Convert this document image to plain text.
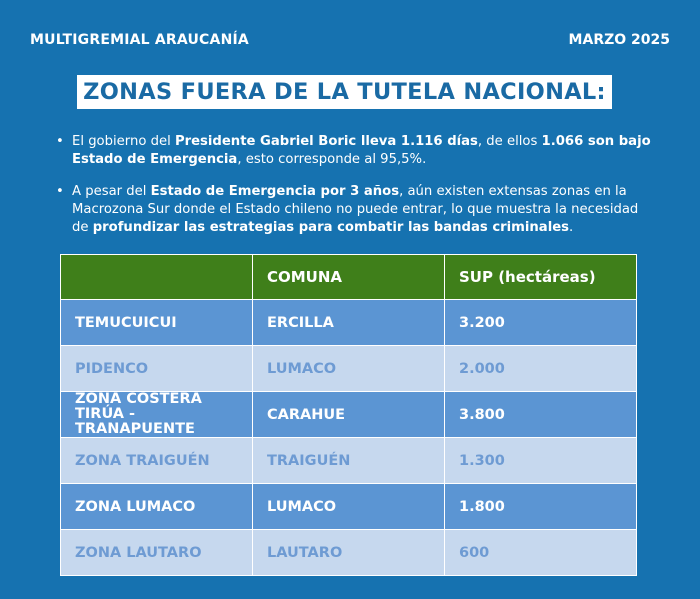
MULTIGREMIAL ARAUCANÍA	MARZO 2025
ZONAS FUERA DE LA TUTELA NACIONAL:
• El gobierno del Presidente Gabriel Boric lleva 1.116 días, de ellos 1.066 son bajo Estado de Emergencia, esto corresponde al 95,5%.
• A pesar del Estado de Emergencia por 3 años, aún existen extensas zonas en la Macrozona Sur donde el Estado chileno no puede entrar, lo que muestra la necesidad de profundizar las estrategias para combatir las bandas criminales.
	COMUNA	SUP (hectáreas)
TEMUCUICUI	ERCILLA	3.200
PIDENCO	LUMACO	2.000
ZONA COSTERA TIRÚA - TRANAPUENTE	CARAHUE	3.800
ZONA TRAIGUÉN	TRAIGUÉN	1.300
ZONA LUMACO	LUMACO	1.800
ZONA LAUTARO	LAUTARO	600
